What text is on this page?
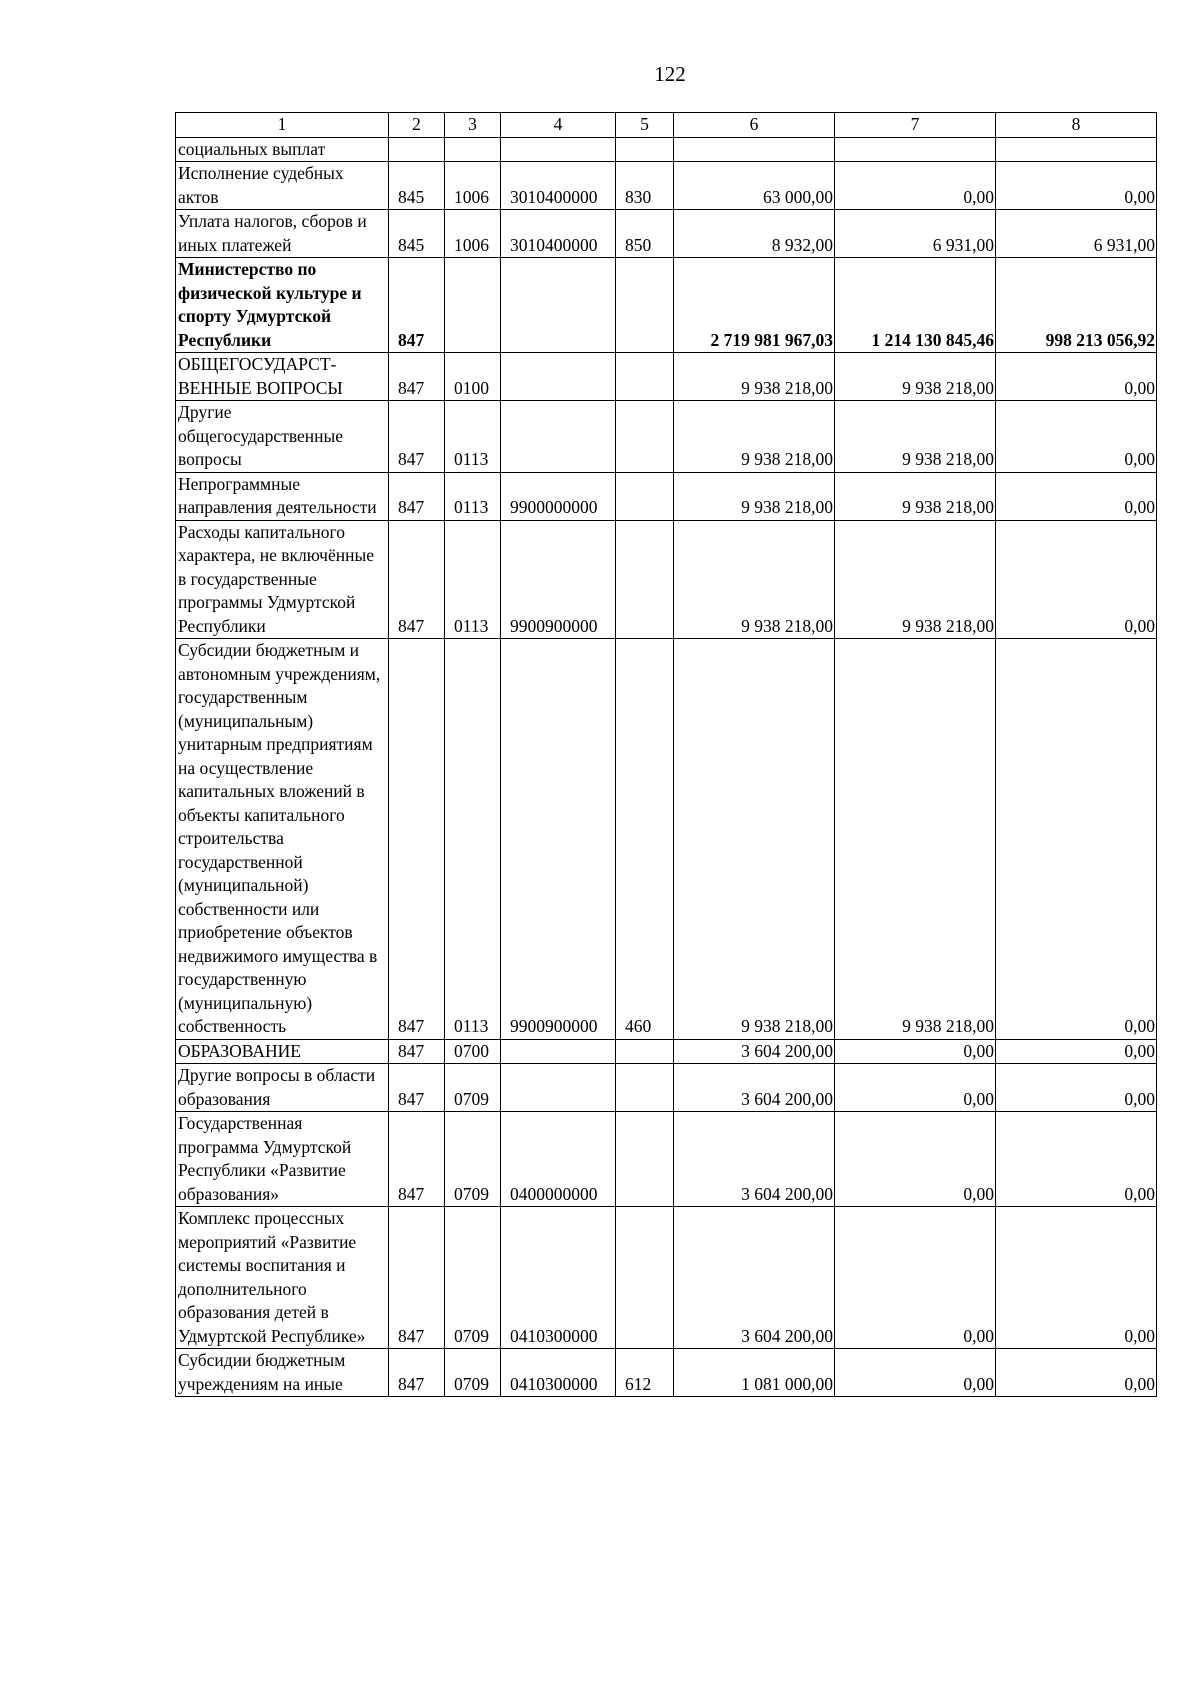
122
1	2	3	4	5	6	7	8
социальных выплат							
Исполнение судебных актов	845	1006	3010400000	830	63 000,00	0,00	0,00
Уплата налогов, сборов и иных платежей	845	1006	3010400000	850	8 932,00	6 931,00	6 931,00
Министерство по физической культуре и спорту Удмуртской Республики	847				2 719 981 967,03	1 214 130 845,46	998 213 056,92
ОБЩЕГОСУДАРСТ-ВЕННЫЕ ВОПРОСЫ	847	0100			9 938 218,00	9 938 218,00	0,00
Другие общегосударственные вопросы	847	0113			9 938 218,00	9 938 218,00	0,00
Непрограммные направления деятельности	847	0113	9900000000		9 938 218,00	9 938 218,00	0,00
Расходы капитального характера, не включённые в государственные программы Удмуртской Республики	847	0113	9900900000		9 938 218,00	9 938 218,00	0,00
Субсидии бюджетным и автономным учреждениям, государственным (муниципальным) унитарным предприятиям на осуществление капитальных вложений в объекты капитального строительства государственной (муниципальной) собственности или приобретение объектов недвижимого имущества в государственную (муниципальную) собственность	847	0113	9900900000	460	9 938 218,00	9 938 218,00	0,00
ОБРАЗОВАНИЕ	847	0700			3 604 200,00	0,00	0,00
Другие вопросы в области образования	847	0709			3 604 200,00	0,00	0,00
Государственная программа Удмуртской Республики «Развитие образования»	847	0709	0400000000		3 604 200,00	0,00	0,00
Комплекс процессных мероприятий «Развитие системы воспитания и дополнительного образования детей в Удмуртской Республике»	847	0709	0410300000		3 604 200,00	0,00	0,00
Субсидии бюджетным учреждениям на иные	847	0709	0410300000	612	1 081 000,00	0,00	0,00
